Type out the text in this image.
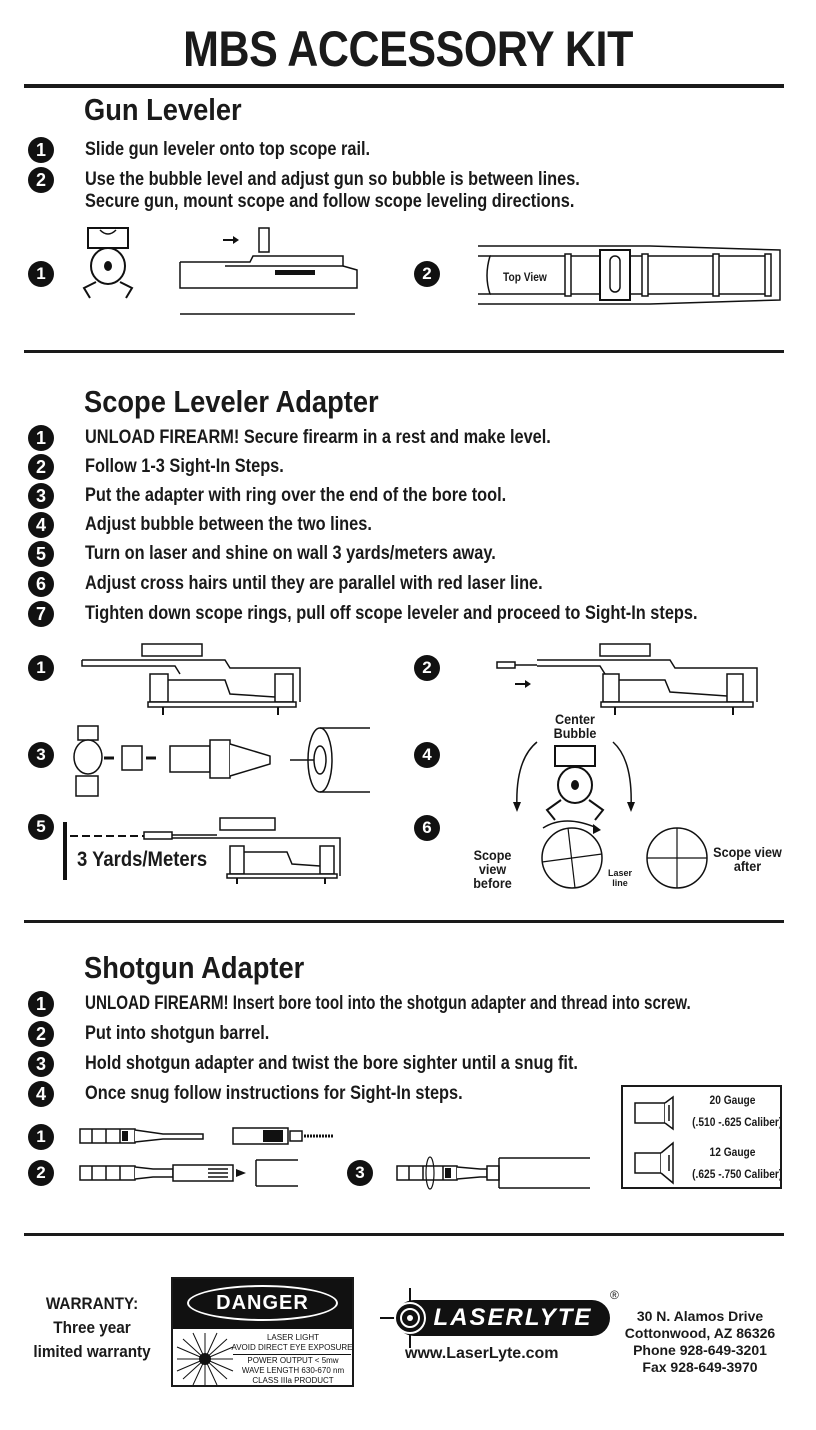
MBS ACCESSORY KIT
Gun Leveler
1	Slide gun leveler onto top scope rail.
2	Use the bubble level and adjust gun so bubble is between lines.
Secure gun, mount scope and follow scope leveling directions.
1	2	Top View
Scope Leveler Adapter
1	UNLOAD FIREARM! Secure firearm in a rest and make level.
2	Follow 1-3 Sight-In Steps.
3	Put the adapter with ring over the end of the bore tool.
4	Adjust bubble between the two lines.
5	Turn on laser and shine on wall 3 yards/meters away.
6	Adjust cross hairs until they are parallel with red laser line.
7	Tighten down scope rings, pull off scope leveler and proceed to Sight-In steps.
1	2
3	4
Center
Bubble
5
3 Yards/Meters
6
Scope view
before
Laser
line
Scope view
after
Shotgun Adapter
1	UNLOAD FIREARM! Insert bore tool into the shotgun adapter and thread into screw.
2	Put into shotgun barrel.
3	Hold shotgun adapter and twist the bore sighter until a snug fit.
4	Once snug follow instructions for Sight-In steps.
1
2	3
20 Gauge
(.510 -.625 Caliber)
12 Gauge
(.625 -.750 Caliber)
WARRANTY:
Three year
limited warranty
DANGER
LASER LIGHT
AVOID DIRECT EYE EXPOSURE
POWER OUTPUT < 5mw
WAVE LENGTH 630-670 nm
CLASS IIIa PRODUCT
LASERLYTE
®
www.LaserLyte.com
30 N. Alamos Drive
Cottonwood, AZ 86326
Phone 928-649-3201
Fax 928-649-3970
